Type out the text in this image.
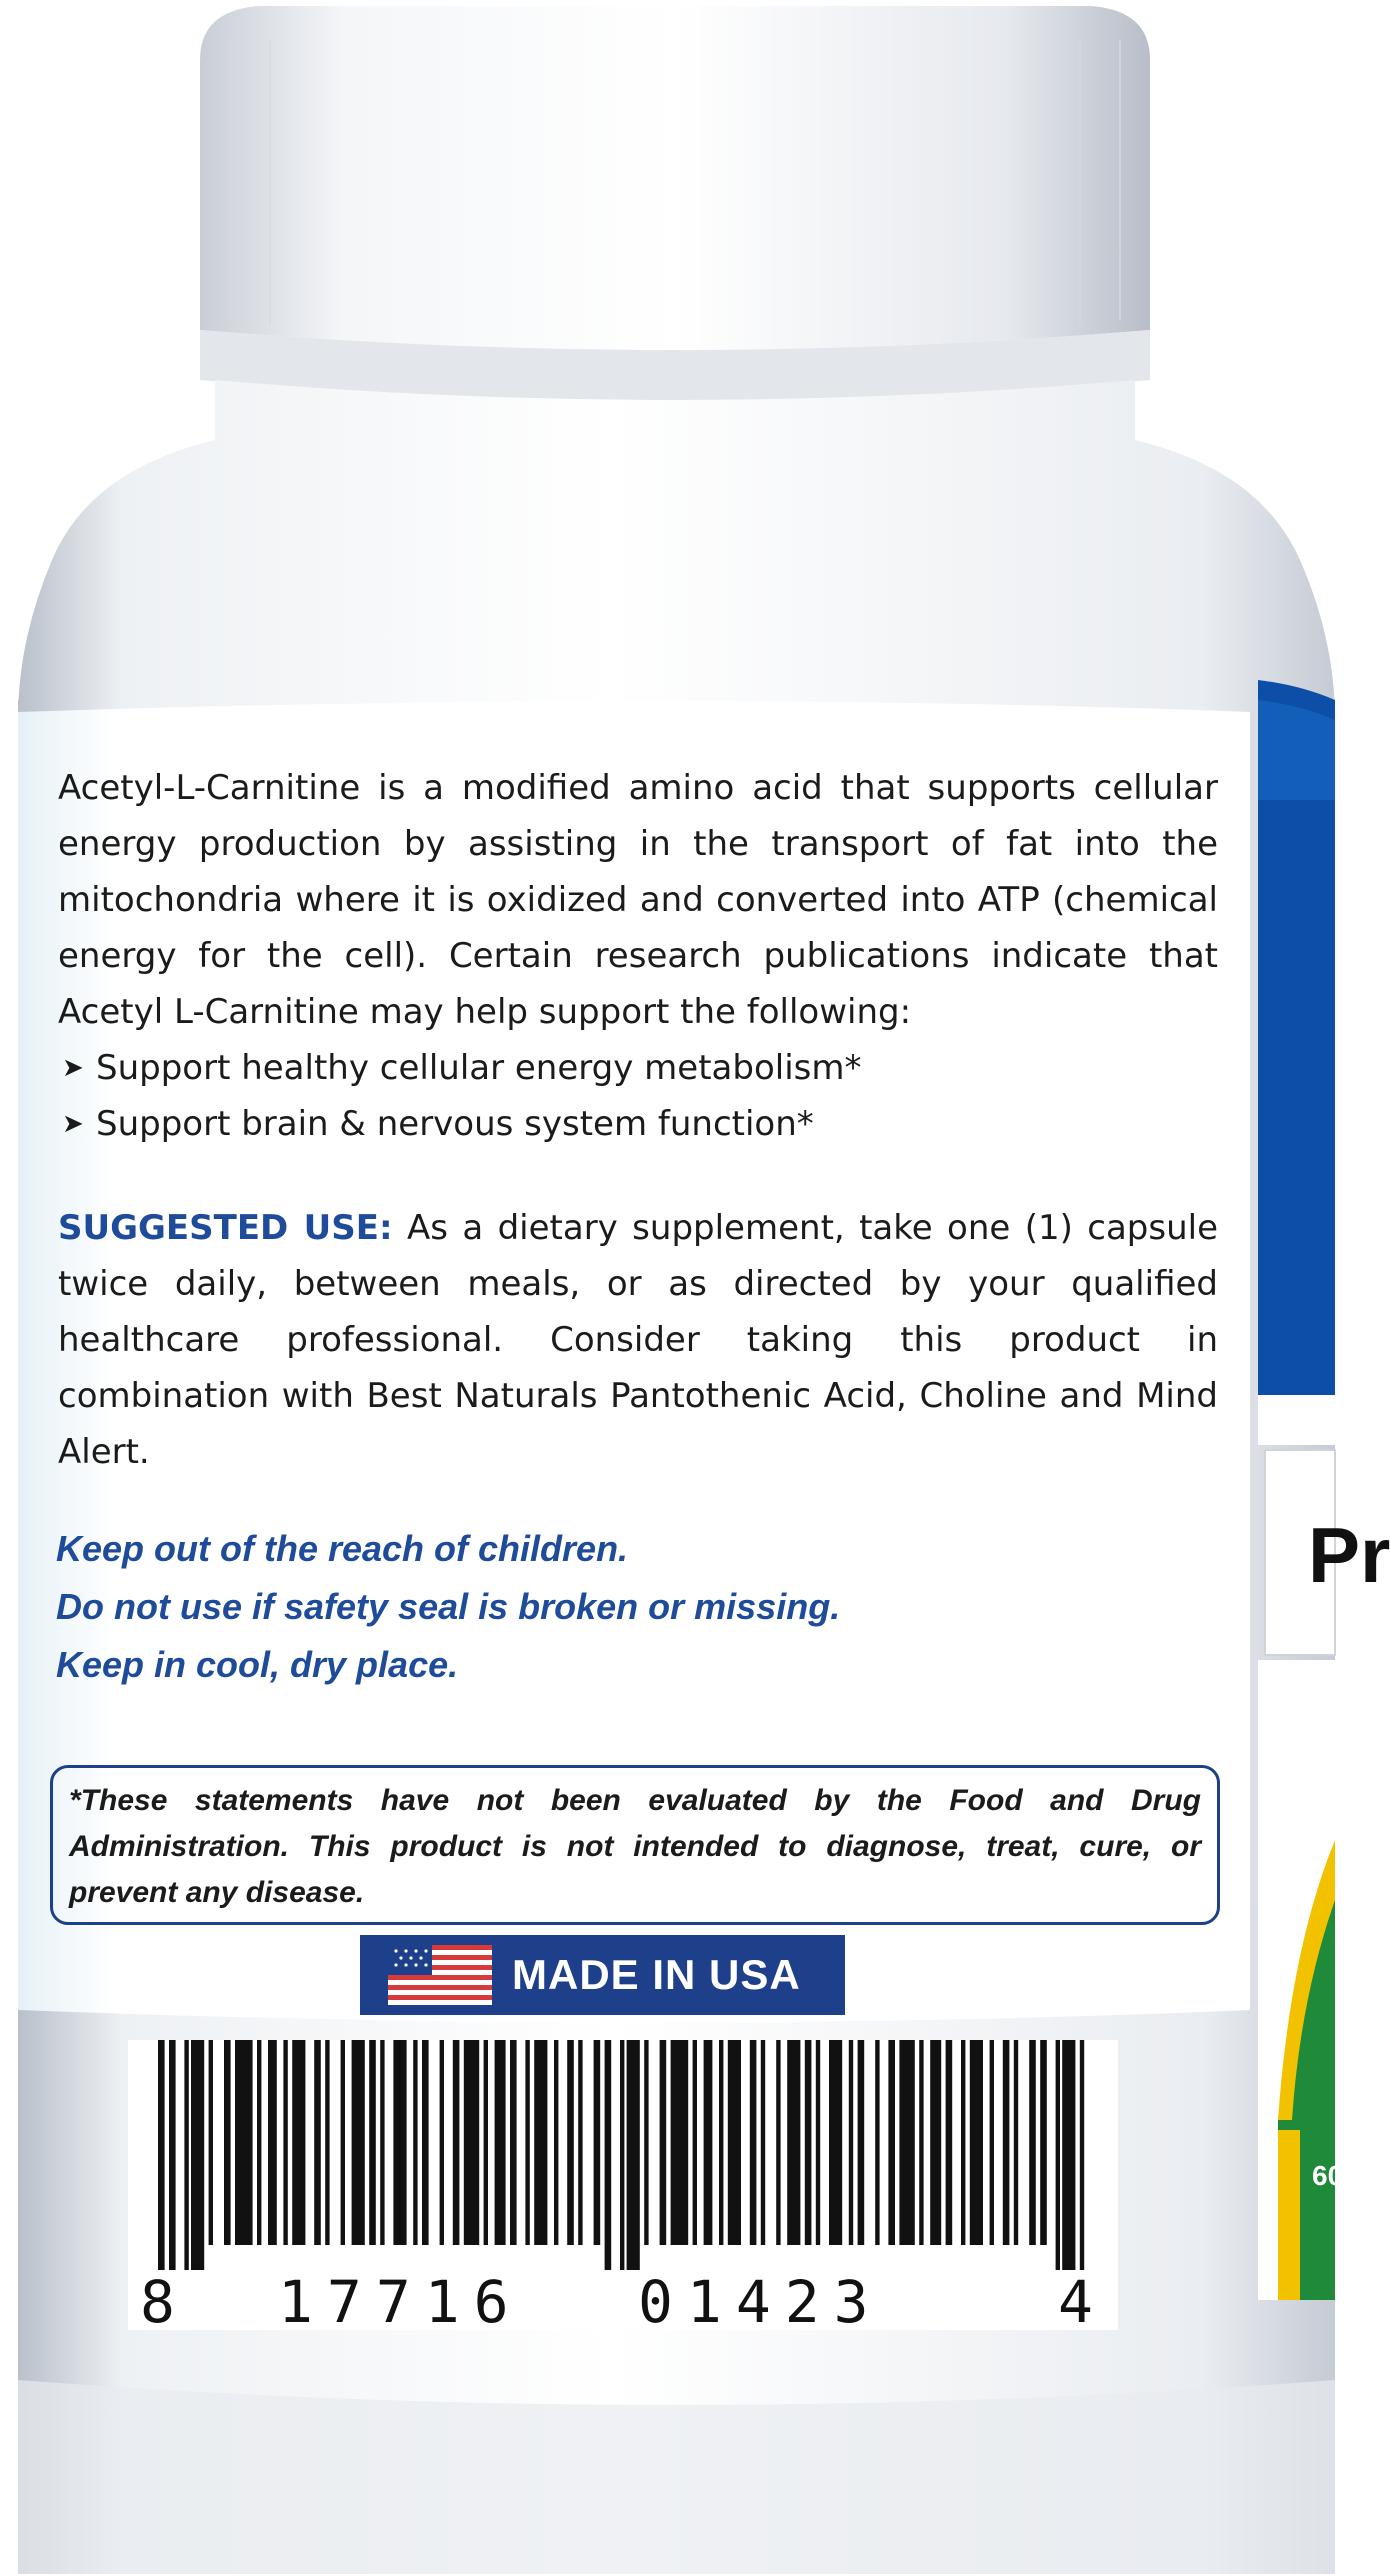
Acetyl-L-Carnitine is a modified amino acid that supports cellular energy production by assisting in the transport of fat into the mitochondria where it is oxidized and converted into ATP (chemical energy for the cell). Certain research publications indicate that Acetyl L-Carnitine may help support the following:

➤ Support healthy cellular energy metabolism*
➤ Support brain & nervous system function*
SUGGESTED USE: As a dietary supplement, take one (1) capsule twice daily, between meals, or as directed by your qualified healthcare professional. Consider taking this product in combination with Best Naturals Pantothenic Acid, Choline and Mind Alert.
Keep out of the reach of children.
Do not use if safety seal is broken or missing.
Keep in cool, dry place.
*These statements have not been evaluated by the Food and Drug Administration. This product is not intended to diagnose, treat, cure, or prevent any disease.
MADE IN USA
8 17716 01423	4
Pr
60
